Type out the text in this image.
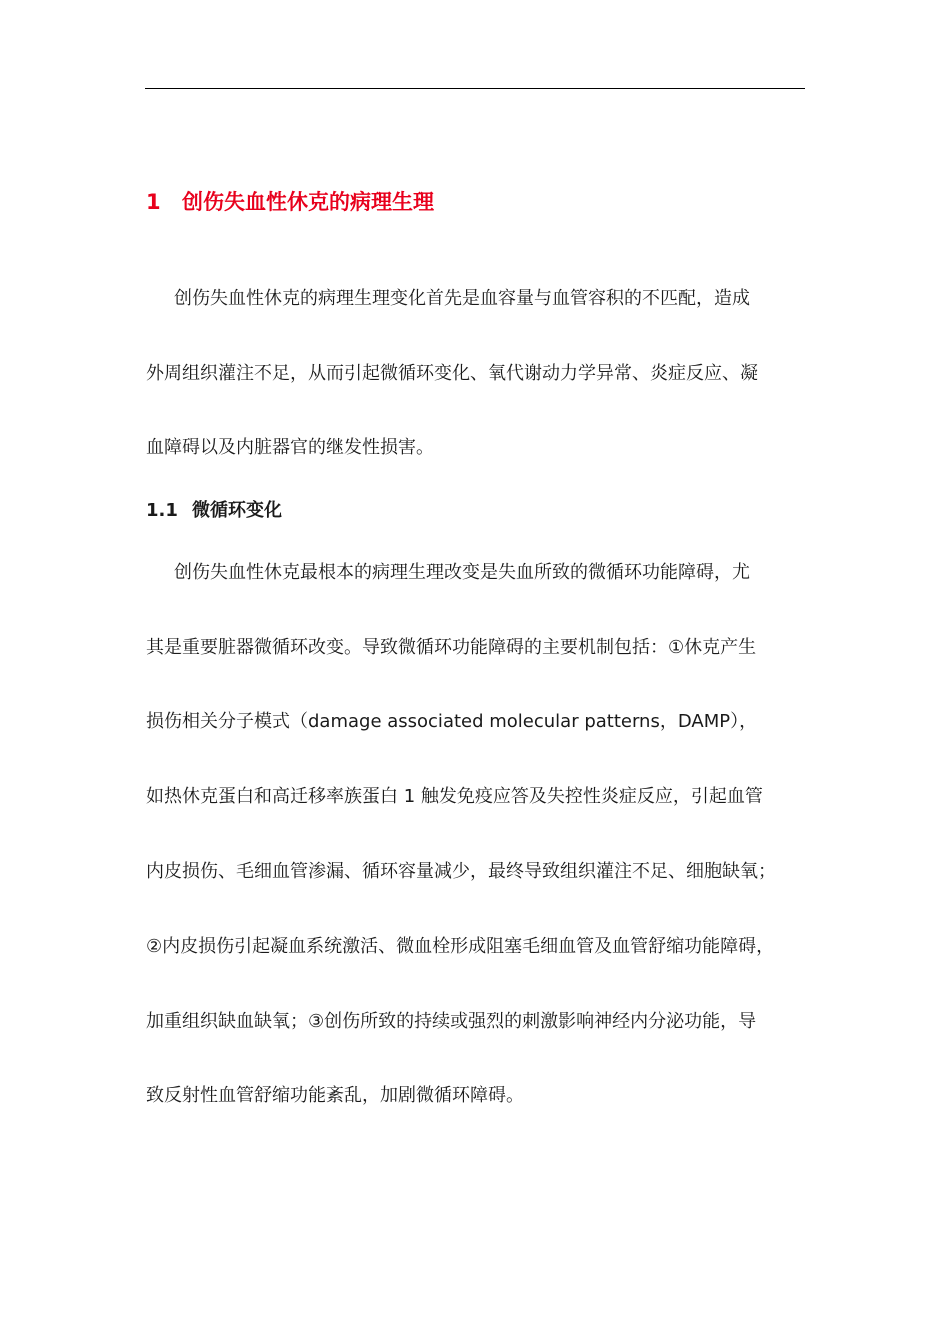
1 创伤失血性休克的病理生理
创伤失血性休克的病理生理变化首先是血容量与血管容积的不匹配，造成
外周组织灌注不足，从而引起微循环变化、氧代谢动力学异常、炎症反应、凝
血障碍以及内脏器官的继发性损害。
1.1 微循环变化
创伤失血性休克最根本的病理生理改变是失血所致的微循环功能障碍，尤
其是重要脏器微循环改变。导致微循环功能障碍的主要机制包括：①休克产生
损伤相关分子模式（damage associated molecular patterns，DAMP），
如热休克蛋白和高迁移率族蛋白 1 触发免疫应答及失控性炎症反应，引起血管
内皮损伤、毛细血管渗漏、循环容量减少，最终导致组织灌注不足、细胞缺氧；
②内皮损伤引起凝血系统激活、微血栓形成阻塞毛细血管及血管舒缩功能障碍，
加重组织缺血缺氧；③创伤所致的持续或强烈的刺激影响神经内分泌功能，导
致反射性血管舒缩功能紊乱，加剧微循环障碍。
